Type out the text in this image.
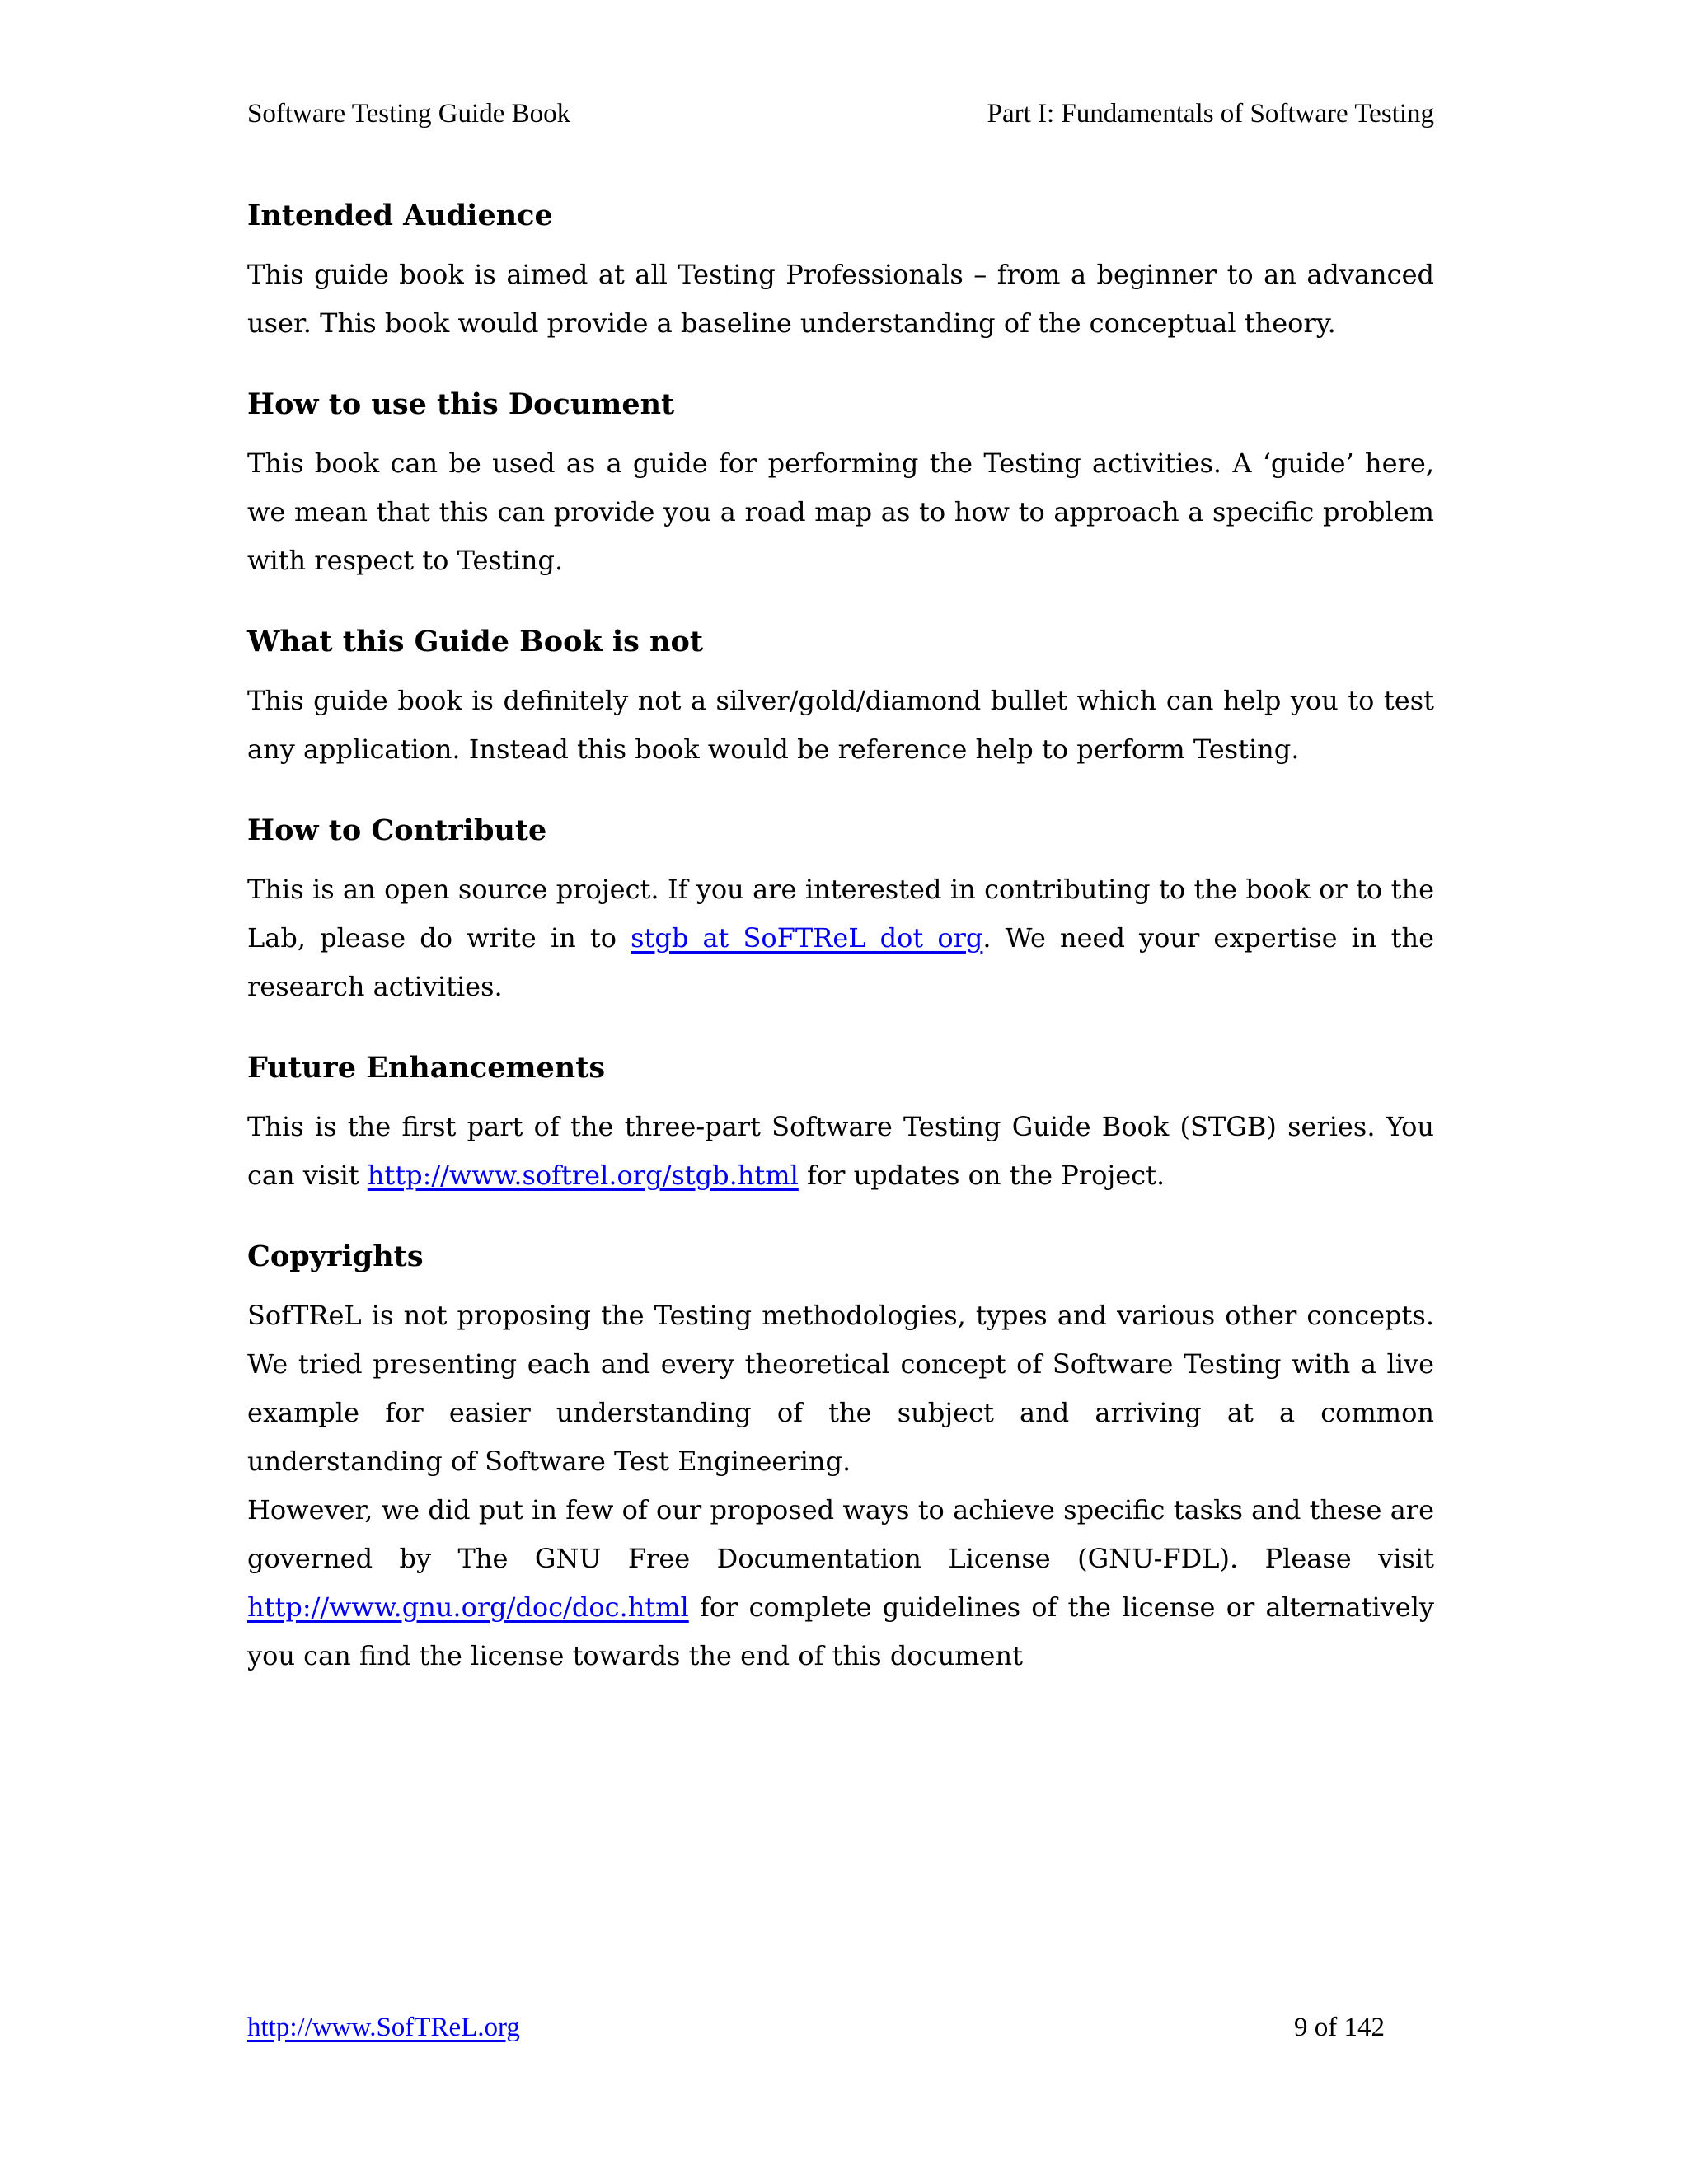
Software Testing Guide Book	Part I: Fundamentals of Software Testing
Intended Audience

This guide book is aimed at all Testing Professionals – from a beginner to an advanced user. This book would provide a baseline understanding of the conceptual theory.

How to use this Document

This book can be used as a guide for performing the Testing activities. A ‘guide’ here, we mean that this can provide you a road map as to how to approach a specific problem with respect to Testing.

What this Guide Book is not

This guide book is definitely not a silver/gold/diamond bullet which can help you to test any application. Instead this book would be reference help to perform Testing.

How to Contribute

This is an open source project. If you are interested in contributing to the book or to the Lab, please do write in to stgb at SoFTReL dot org. We need your expertise in the research activities.

Future Enhancements

This is the first part of the three-part Software Testing Guide Book (STGB) series. You can visit http://www.softrel.org/stgb.html for updates on the Project.

Copyrights

SofTReL is not proposing the Testing methodologies, types and various other concepts. We tried presenting each and every theoretical concept of Software Testing with a live example for easier understanding of the subject and arriving at a common understanding of Software Test Engineering.

However, we did put in few of our proposed ways to achieve specific tasks and these are governed by The GNU Free Documentation License (GNU-FDL). Please visit http://www.gnu.org/doc/doc.html for complete guidelines of the license or alternatively you can find the license towards the end of this document

http://www.SofTReL.org	9 of 142
